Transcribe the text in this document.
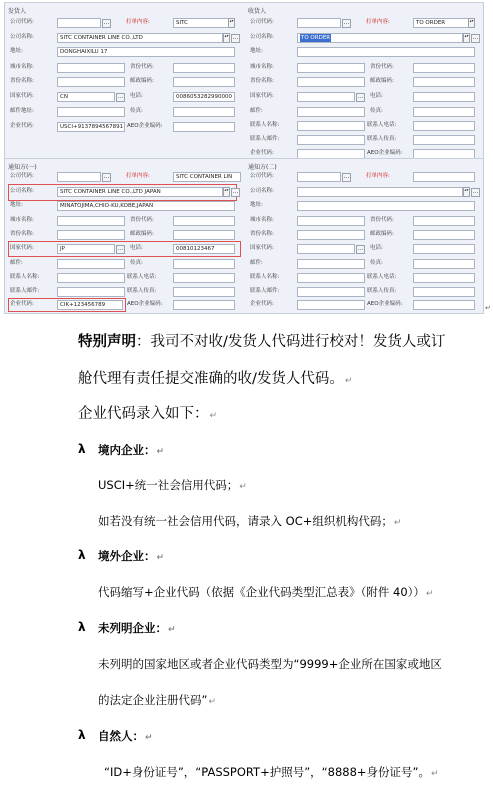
发货人
公司代码:	...	打单内容:	SITC	▴▾
公司名称:	SITC CONTAINER LINE CO.,LTD	▴▾ ...
地址:	DONGHAIXILU 17
城市名称:	省份代码:
省份名称:	邮政编码:
国家代码:	CN	... 电话:	0086053282990000
邮件地址:	传真:
企业代码:	USCI+9137894567891 AEO企业编码:
收货人
公司代码:	...	打单内容:	TO ORDER	▴▾
公司名称:	TO ORDER	▴▾ ...
地址:
城市名称:	省份代码:
省份名称:	邮政编码:
国家代码:	... 电话:
邮件:	传真:
联系人名称:	联系人电话:
联系人邮件:	联系人传真:
企业代码:	AEO企业编码:
通知方(一)
公司代码:	...	打单内容:	SITC CONTAINER LIN
公司名称:	SITC CONTAINER LINE CO.,LTD JAPAN	▴▾ ...
地址:	MINATOJIMA,CHIO-KU,KOBE,JAPAN
城市名称:	省份代码:
省份名称:	邮政编码:
国家代码:	JP	... 电话:	00810123467
邮件:	传真:
联系人名称:	联系人电话:
联系人邮件:	联系人传真:
企业代码:	CIK+123456789	AEO企业编码:
通知方(二)
公司代码:	...	打单内容:
公司名称:	▴▾ ...
地址:
城市名称:	省份代码:
省份名称:	邮政编码:
国家代码:	... 电话:
邮件:	传真:
联系人名称:	联系人电话:
联系人邮件:	联系人传真:
企业代码:	AEO企业编码:	↵
特别声明：我司不对收/发货人代码进行校对！发货人或订
舱代理有责任提交准确的收/发货人代码。↵
企业代码录入如下：↵
λ 境内企业：↵
USCI+统一社会信用代码；↵
如若没有统一社会信用代码，请录入 OC+组织机构代码；↵
λ 境外企业：↵
代码缩写+企业代码（依据《企业代码类型汇总表》（附件 40））↵
λ 未列明企业：↵
未列明的国家地区或者企业代码类型为“9999+企业所在国家或地区
的法定企业注册代码”↵
λ 自然人：↵
“ID+身份证号”，“PASSPORT+护照号”，“8888+身份证号”。↵
